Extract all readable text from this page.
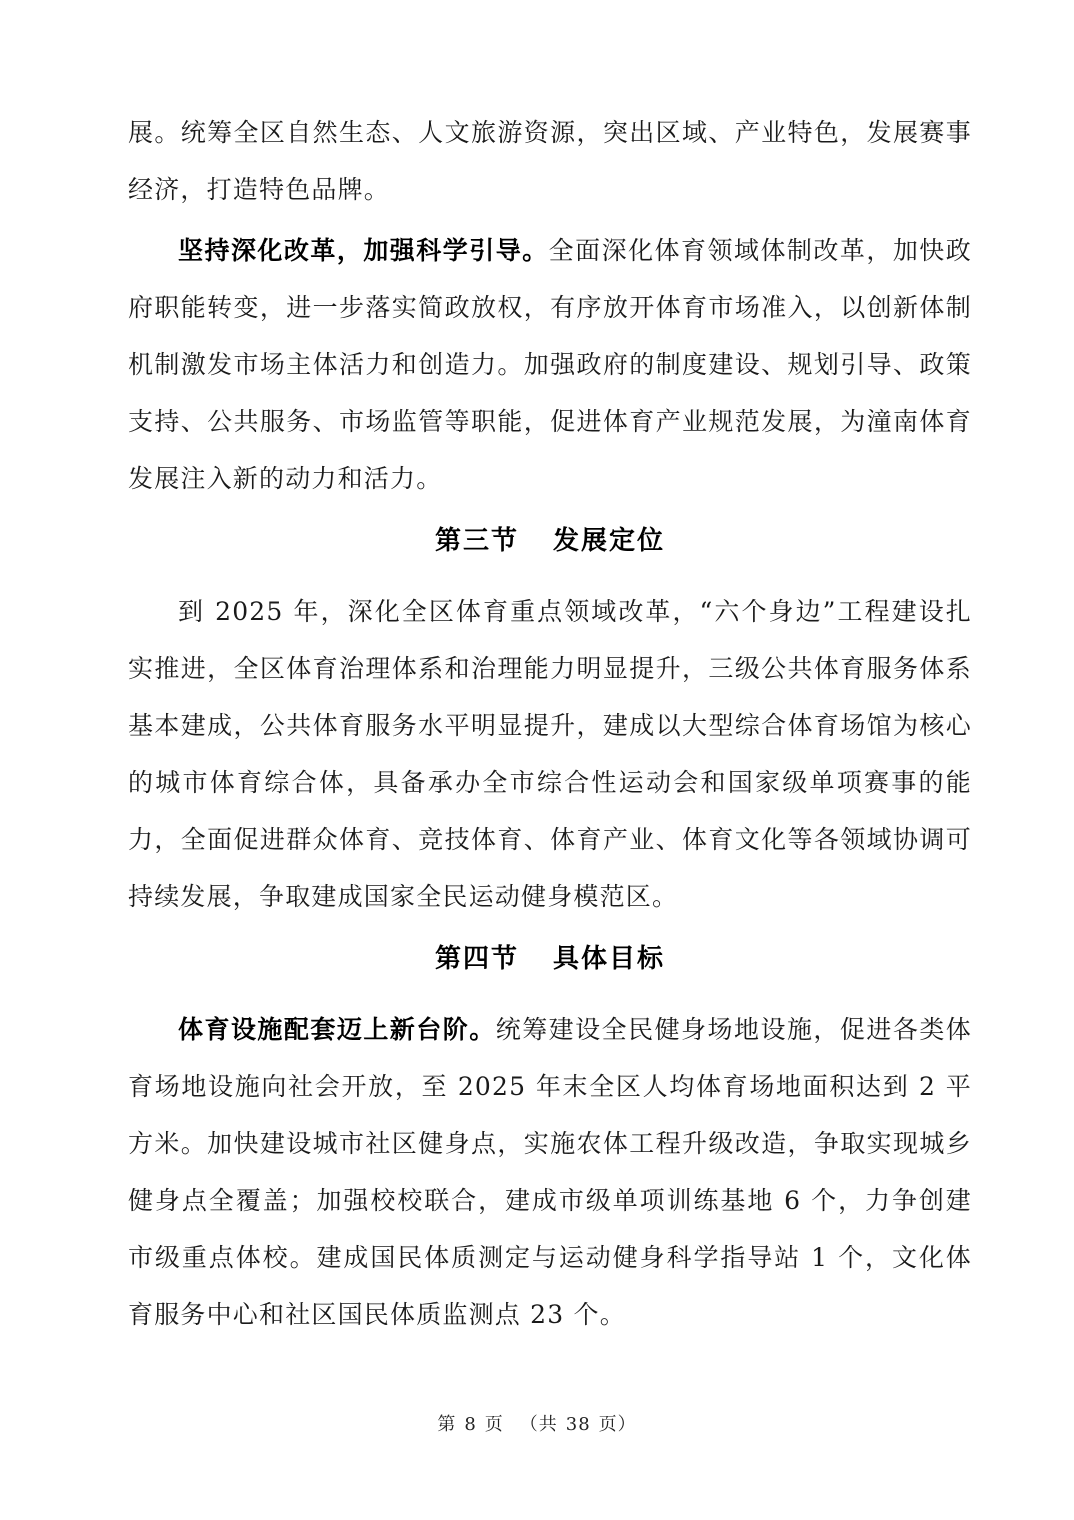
展。统筹全区自然生态、人文旅游资源，突出区域、产业特色，发展赛事经济，打造特色品牌。

坚持深化改革，加强科学引导。全面深化体育领域体制改革，加快政府职能转变，进一步落实简政放权，有序放开体育市场准入，以创新体制机制激发市场主体活力和创造力。加强政府的制度建设、规划引导、政策支持、公共服务、市场监管等职能，促进体育产业规范发展，为潼南体育发展注入新的动力和活力。

第三节 发展定位

到 2025 年，深化全区体育重点领域改革，“六个身边”工程建设扎实推进，全区体育治理体系和治理能力明显提升，三级公共体育服务体系基本建成，公共体育服务水平明显提升，建成以大型综合体育场馆为核心的城市体育综合体，具备承办全市综合性运动会和国家级单项赛事的能力，全面促进群众体育、竞技体育、体育产业、体育文化等各领域协调可持续发展，争取建成国家全民运动健身模范区。

第四节 具体目标

体育设施配套迈上新台阶。统筹建设全民健身场地设施，促进各类体育场地设施向社会开放，至 2025 年末全区人均体育场地面积达到 2 平方米。加快建设城市社区健身点，实施农体工程升级改造，争取实现城乡健身点全覆盖；加强校校联合，建成市级单项训练基地 6 个，力争创建市级重点体校。建成国民体质测定与运动健身科学指导站 1 个，文化体育服务中心和社区国民体质监测点 23 个。

第 8 页 （共 38 页）
